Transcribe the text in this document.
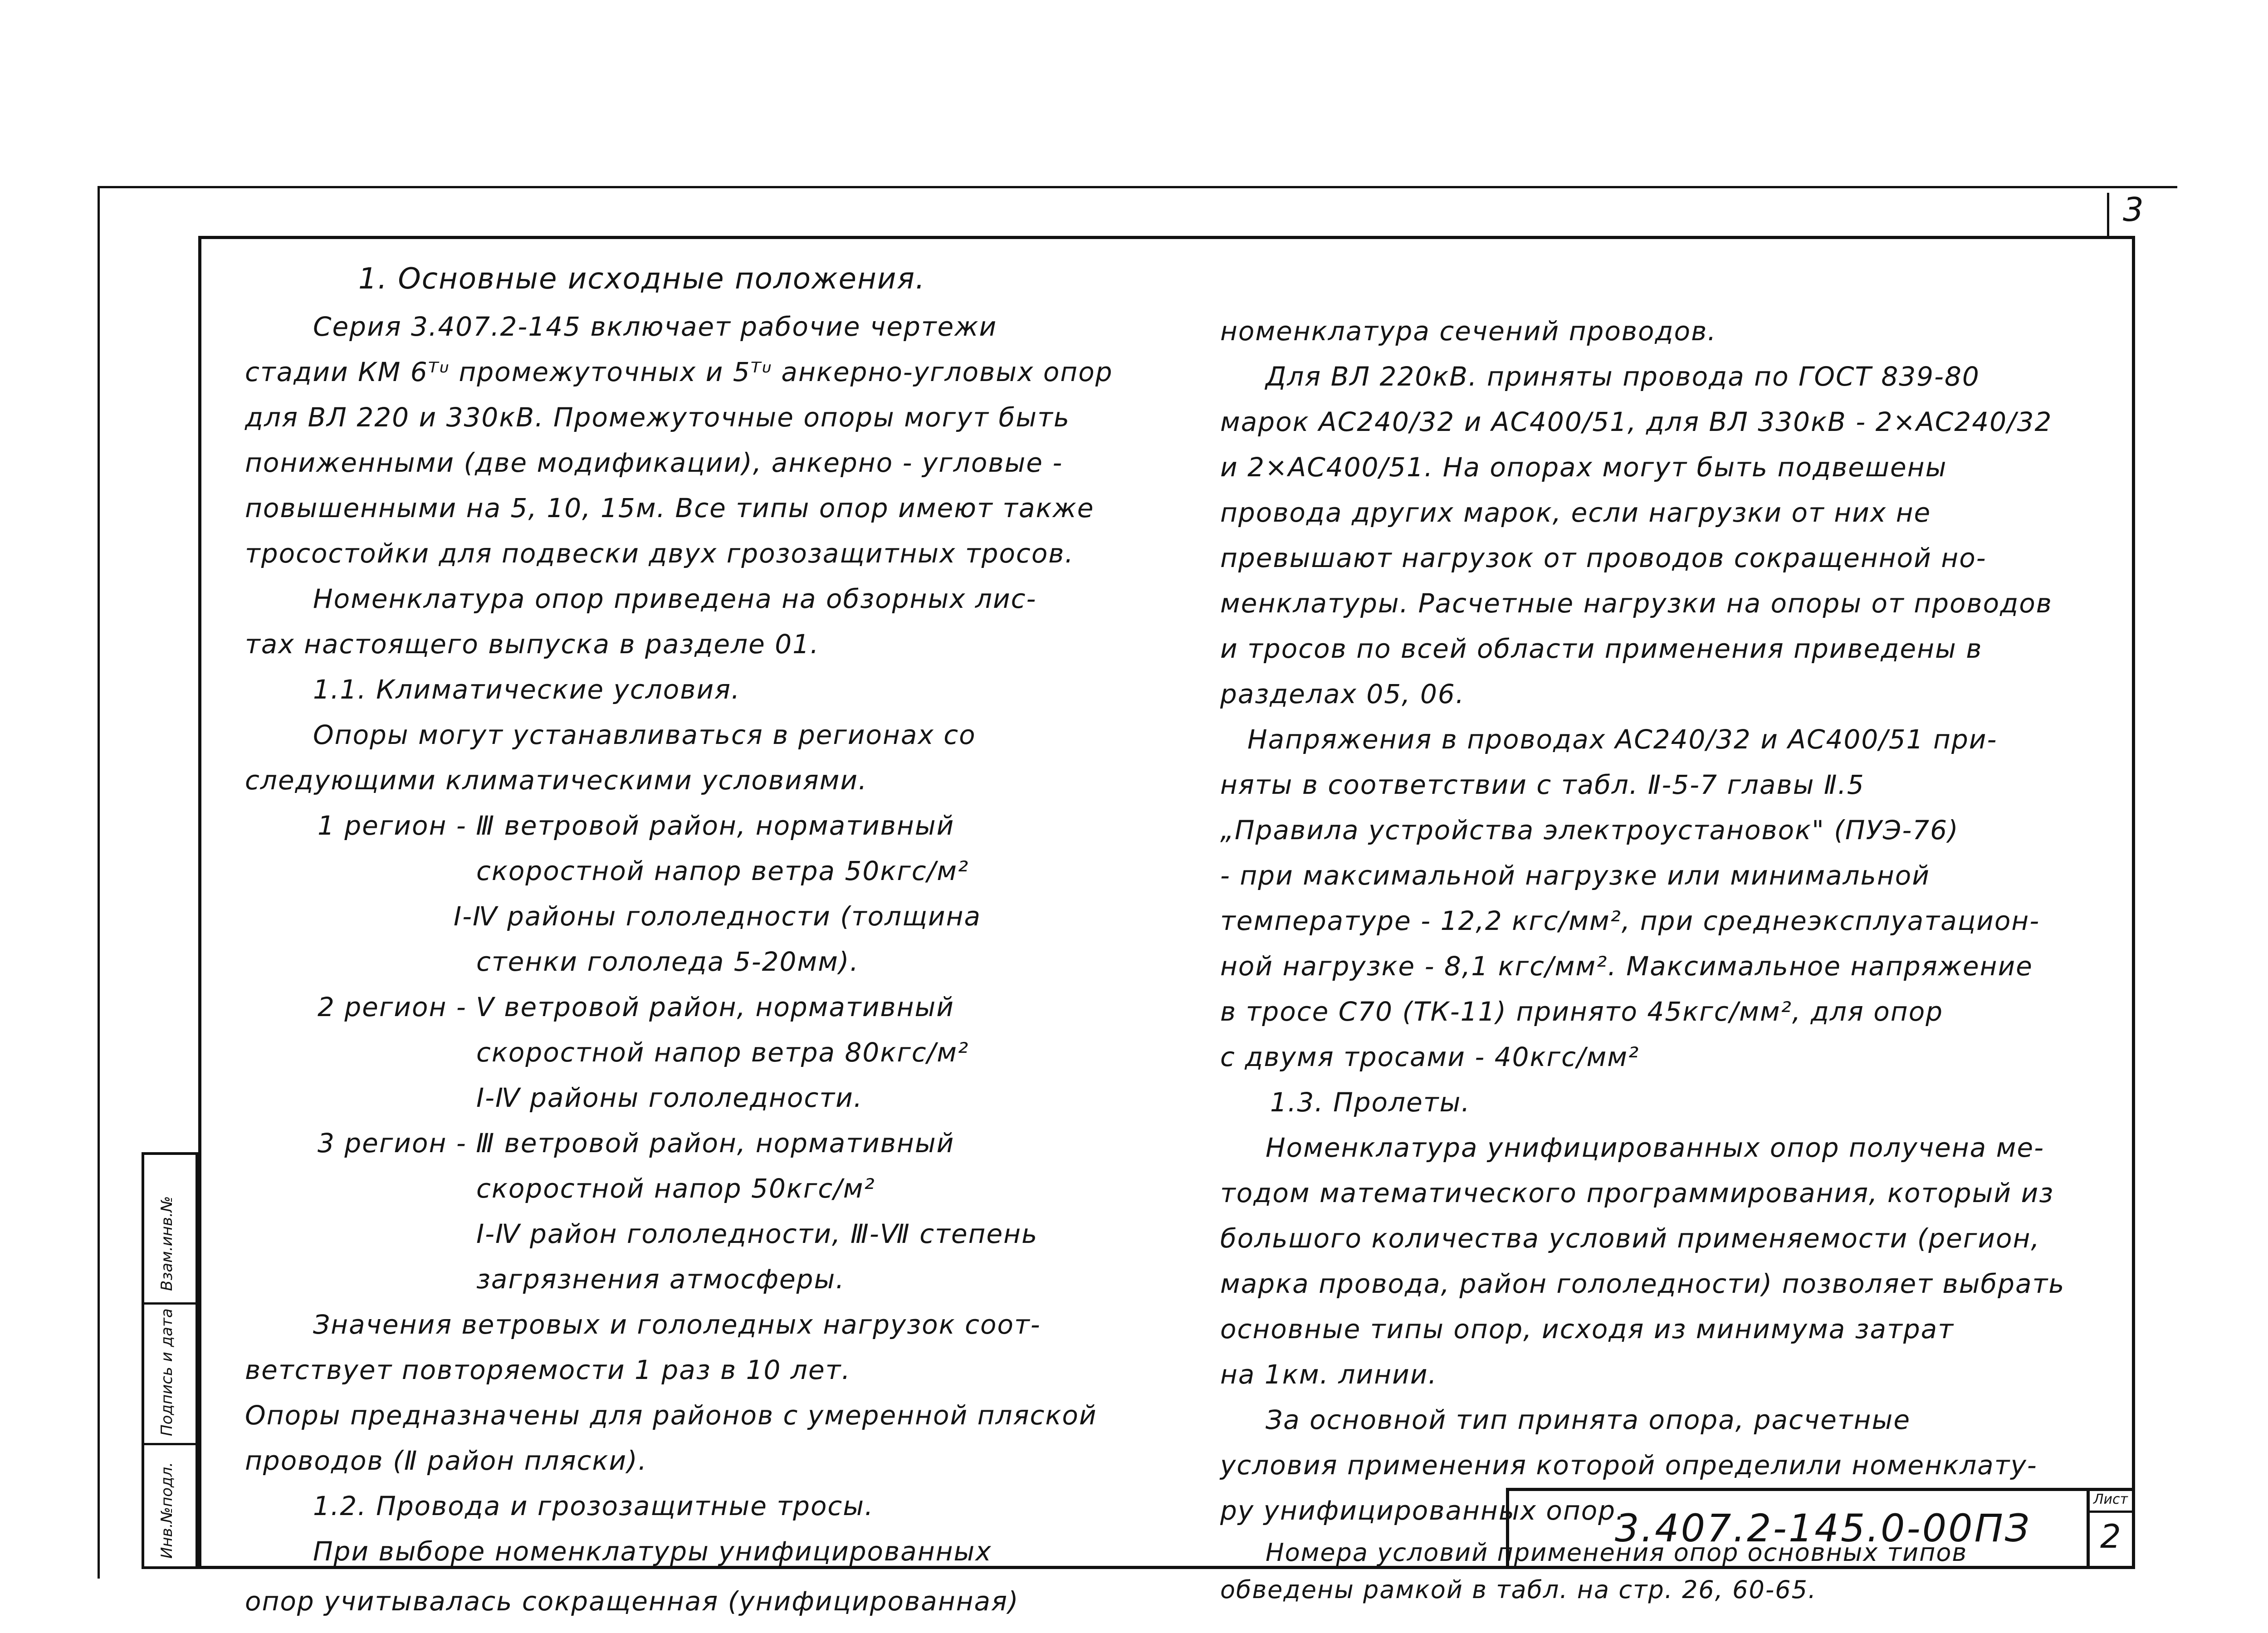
3

1. Основные исходные положения.

Серия 3.407.2-145 включает рабочие чертежи

стадии КМ 6ᵀᶸ промежуточных и 5ᵀᶸ анкерно-угловых опор

для ВЛ 220 и 330кВ. Промежуточные опоры могут быть

пониженными (две модификации), анкерно - угловые -

повышенными на 5, 10, 15м. Все типы опор имеют также

тросостойки для подвески двух грозозащитных тросов.

Номенклатура опор приведена на обзорных лис-

тах настоящего выпуска в разделе 01.

1.1. Климатические условия.

Опоры могут устанавливаться в регионах со

следующими климатическими условиями.

1 регион - Ⅲ ветровой район, нормативный

скоростной напор ветра 50кгс/м²

Ⅰ-Ⅳ районы гололедности (толщина

стенки гололеда 5-20мм).

2 регион - Ⅴ ветровой район, нормативный

скоростной напор ветра 80кгс/м²

Ⅰ-Ⅳ районы гололедности.

3 регион - Ⅲ ветровой район, нормативный

скоростной напор 50кгс/м²

Ⅰ-Ⅳ район гололедности, Ⅲ-Ⅶ степень

загрязнения атмосферы.

Значения ветровых и гололедных нагрузок соот-

ветствует повторяемости 1 раз в 10 лет.

Опоры предназначены для районов с умеренной пляской

проводов (Ⅱ район пляски).

1.2. Провода и грозозащитные тросы.

При выборе номенклатуры унифицированных

опор учитывалась сокращенная (унифицированная)

номенклатура сечений проводов.

Для ВЛ 220кВ. приняты провода по ГОСТ 839-80

марок АС240/32 и АС400/51, для ВЛ 330кВ - 2×АС240/32

и 2×АС400/51. На опорах могут быть подвешены

провода других марок, если нагрузки от них не

превышают нагрузок от проводов сокращенной но-

менклатуры. Расчетные нагрузки на опоры от проводов

и тросов по всей области применения приведены в

разделах 05, 06.

Напряжения в проводах АС240/32 и АС400/51 при-

няты в соответствии с табл. Ⅱ-5-7 главы Ⅱ.5

„Правила устройства электроустановок" (ПУЭ-76)

- при максимальной нагрузке или минимальной

температуре - 12,2 кгс/мм², при среднеэксплуатацион-

ной нагрузке - 8,1 кгс/мм². Максимальное напряжение

в тросе С70 (ТК-11) принято 45кгс/мм², для опор

с двумя тросами - 40кгс/мм²

1.3. Пролеты.

Номенклатура унифицированных опор получена ме-

тодом математического программирования, который из

большого количества условий применяемости (регион,

марка провода, район гололедности) позволяет выбрать

основные типы опор, исходя из минимума затрат

на 1км. линии.

За основной тип принята опора, расчетные

условия применения которой определили номенклату-

ру унифицированных опор.

Номера условий применения опор основных типов

обведены рамкой в табл. на стр. 26, 60-65.

3.407.2-145.0-00ПЗ
Лист
2
Взам.инв.№
Подпись и дата
Инв.№подл.
